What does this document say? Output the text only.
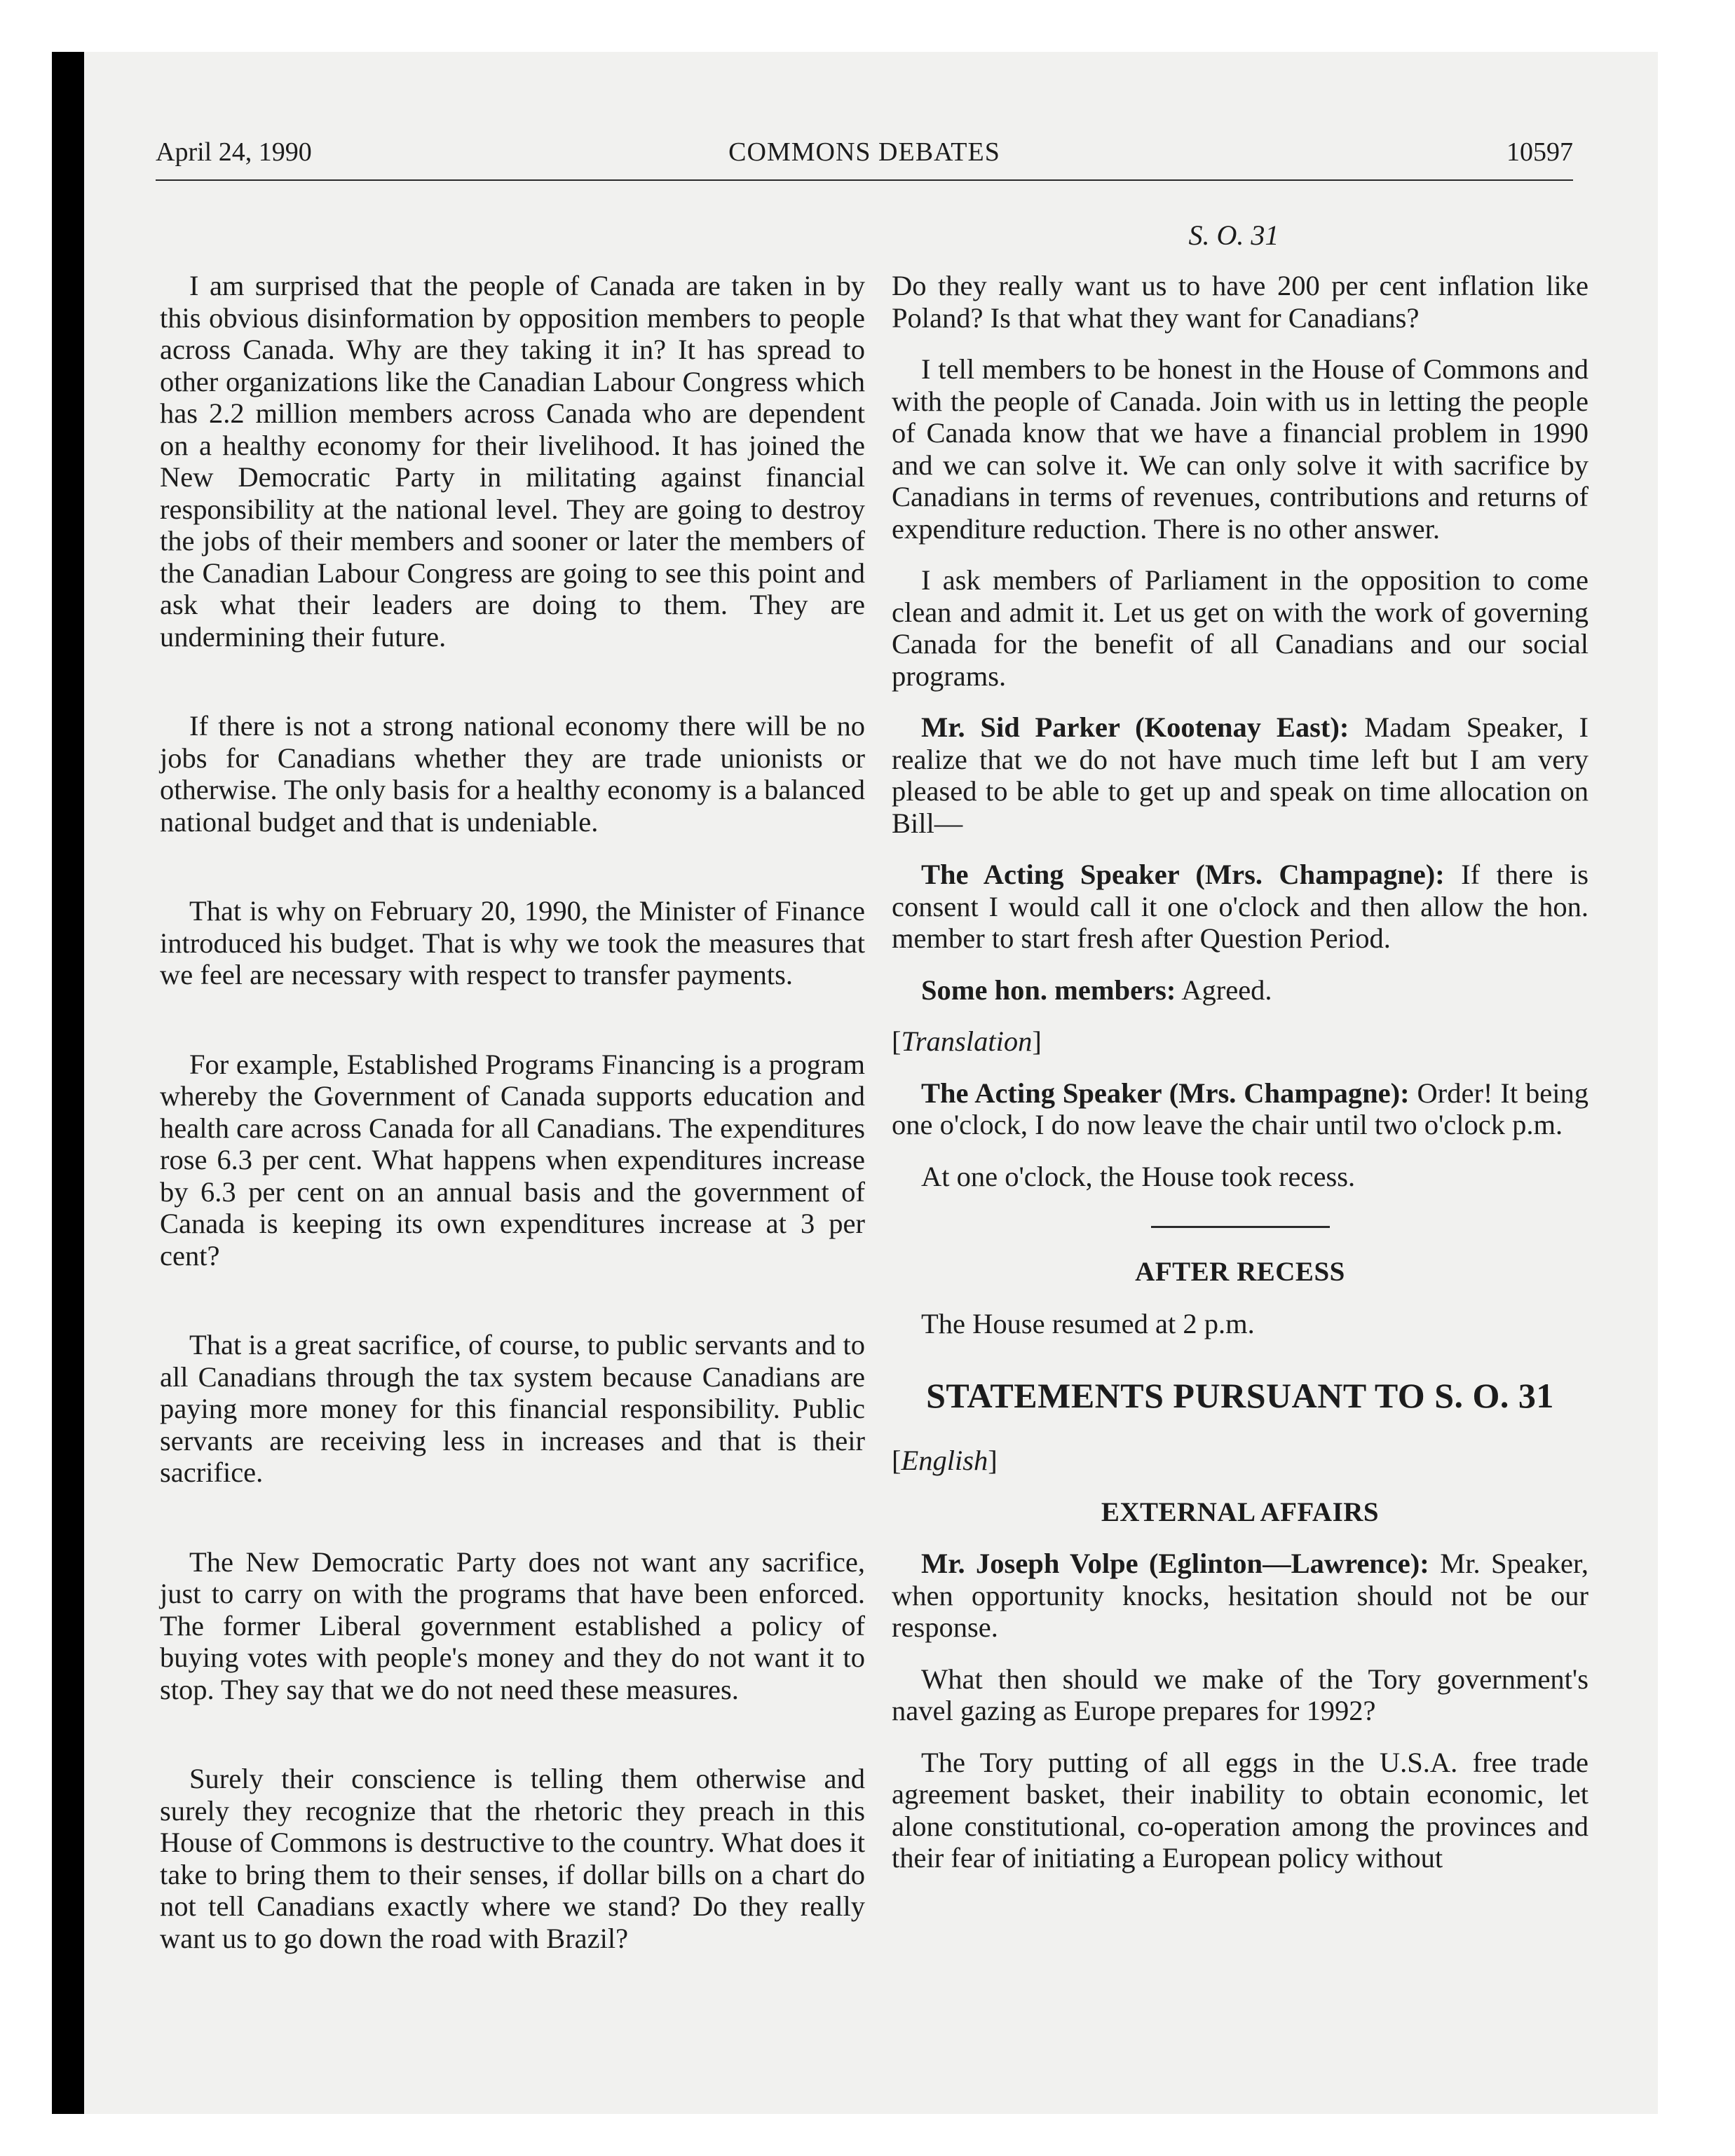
April 24, 1990	COMMONS DEBATES	10597
S. O. 31

I am surprised that the people of Canada are taken in by this obvious disinformation by opposition members to people across Canada. Why are they taking it in? It has spread to other organizations like the Canadian Labour Congress which has 2.2 million members across Canada who are dependent on a healthy economy for their livelihood. It has joined the New Democratic Party in militating against financial responsibility at the national level. They are going to destroy the jobs of their members and sooner or later the members of the Canadian Labour Congress are going to see this point and ask what their leaders are doing to them. They are undermining their future.

If there is not a strong national economy there will be no jobs for Canadians whether they are trade unionists or otherwise. The only basis for a healthy economy is a balanced national budget and that is undeniable.

That is why on February 20, 1990, the Minister of Finance introduced his budget. That is why we took the measures that we feel are necessary with respect to transfer payments.

For example, Established Programs Financing is a program whereby the Government of Canada supports education and health care across Canada for all Canadians. The expenditures rose 6.3 per cent. What happens when expenditures increase by 6.3 per cent on an annual basis and the government of Canada is keeping its own expenditures increase at 3 per cent?

That is a great sacrifice, of course, to public servants and to all Canadians through the tax system because Canadians are paying more money for this financial responsibility. Public servants are receiving less in increases and that is their sacrifice.

The New Democratic Party does not want any sacrifice, just to carry on with the programs that have been enforced. The former Liberal government established a policy of buying votes with people's money and they do not want it to stop. They say that we do not need these measures.

Surely their conscience is telling them otherwise and surely they recognize that the rhetoric they preach in this House of Commons is destructive to the country. What does it take to bring them to their senses, if dollar bills on a chart do not tell Canadians exactly where we stand? Do they really want us to go down the road with Brazil?

Do they really want us to have 200 per cent inflation like Poland? Is that what they want for Canadians?

I tell members to be honest in the House of Commons and with the people of Canada. Join with us in letting the people of Canada know that we have a financial problem in 1990 and we can solve it. We can only solve it with sacrifice by Canadians in terms of revenues, contributions and returns of expenditure reduction. There is no other answer.

I ask members of Parliament in the opposition to come clean and admit it. Let us get on with the work of governing Canada for the benefit of all Canadians and our social programs.

Mr. Sid Parker (Kootenay East): Madam Speaker, I realize that we do not have much time left but I am very pleased to be able to get up and speak on time allocation on Bill—

The Acting Speaker (Mrs. Champagne): If there is consent I would call it one o'clock and then allow the hon. member to start fresh after Question Period.

Some hon. members: Agreed.

[Translation]

The Acting Speaker (Mrs. Champagne): Order! It being one o'clock, I do now leave the chair until two o'clock p.m.

At one o'clock, the House took recess.

AFTER RECESS

The House resumed at 2 p.m.

STATEMENTS PURSUANT TO S. O. 31

[English]

EXTERNAL AFFAIRS

Mr. Joseph Volpe (Eglinton—Lawrence): Mr. Speaker, when opportunity knocks, hesitation should not be our response.

What then should we make of the Tory government's navel gazing as Europe prepares for 1992?

The Tory putting of all eggs in the U.S.A. free trade agreement basket, their inability to obtain economic, let alone constitutional, co-operation among the provinces and their fear of initiating a European policy without
